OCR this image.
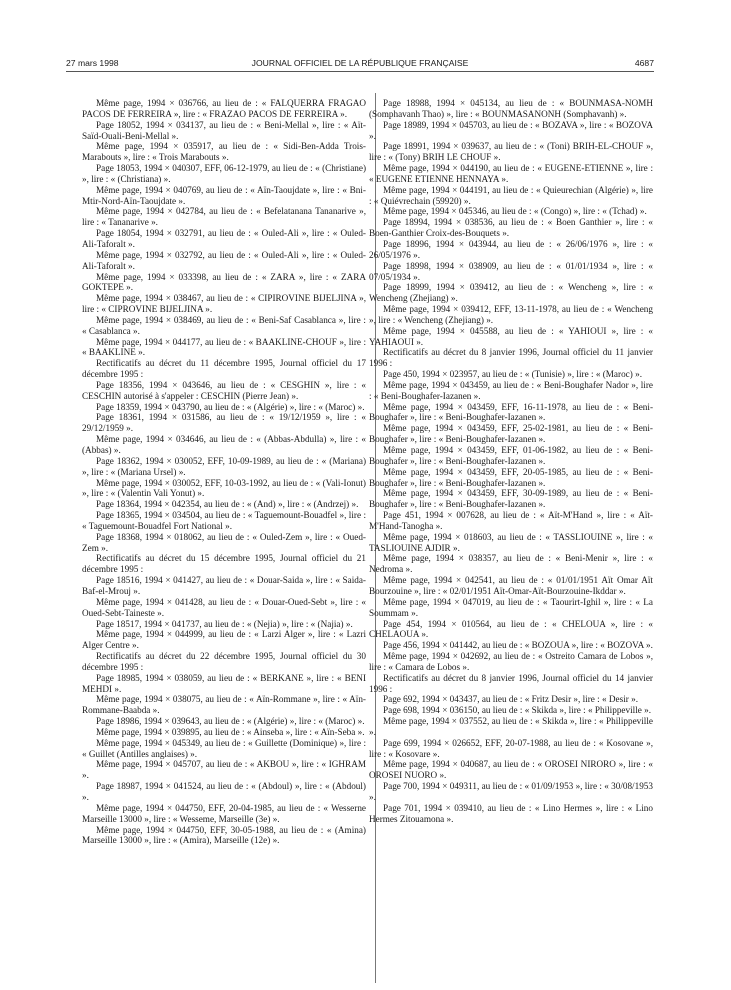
27 mars 1998	JOURNAL OFFICIEL DE LA RÉPUBLIQUE FRANÇAISE	4687

Même page, 1994 × 036766, au lieu de : « FALQUERRA FRAGAO PACOS DE FERREIRA », lire : « FRAZAO PACOS DE FERREIRA ».

Page 18052, 1994 × 034137, au lieu de : « Beni-Mellal », lire : « Aït-Saïd-Ouali-Beni-Mellal ».

Même page, 1994 × 035917, au lieu de : « Sidi-Ben-Adda Trois-Marabouts », lire : « Trois Marabouts ».

Page 18053, 1994 × 040307, EFF, 06-12-1979, au lieu de : « (Christiane) », lire : « (Christiana) ».

Même page, 1994 × 040769, au lieu de : « Aïn-Taoujdate », lire : « Bni-Mtir-Nord-Aïn-Taoujdate ».

Même page, 1994 × 042784, au lieu de : « Befelatanana Tananarive », lire : « Tananarive ».

Page 18054, 1994 × 032791, au lieu de : « Ouled-Ali », lire : « Ouled-Ali-Taforalt ».

Même page, 1994 × 032792, au lieu de : « Ouled-Ali », lire : « Ouled-Ali-Taforalt ».

Même page, 1994 × 033398, au lieu de : « ZARA », lire : « ZARA GOKTEPE ».

Même page, 1994 × 038467, au lieu de : « CIPIROVINE BIJELJINA », lire : « CIPROVINE BIJELJINA ».

Même page, 1994 × 038469, au lieu de : « Beni-Saf Casablanca », lire : « Casablanca ».

Même page, 1994 × 044177, au lieu de : « BAAKLINE-CHOUF », lire : « BAAKLINE ».

Rectificatifs au décret du 11 décembre 1995, Journal officiel du 17 décembre 1995 :

Page 18356, 1994 × 043646, au lieu de : « CESGHIN », lire : « CESCHIN autorisé à s'appeler : CESCHIN (Pierre Jean) ».

Page 18359, 1994 × 043790, au lieu de : « (Algérie) », lire : « (Maroc) ».

Page 18361, 1994 × 031586, au lieu de : « 19/12/1959 », lire : « 29/12/1959 ».

Même page, 1994 × 034646, au lieu de : « (Abbas-Abdulla) », lire : « (Abbas) ».

Page 18362, 1994 × 030052, EFF, 10-09-1989, au lieu de : « (Mariana) », lire : « (Mariana Ursel) ».

Même page, 1994 × 030052, EFF, 10-03-1992, au lieu de : « (Vali-Ionut) », lire : « (Valentin Vali Yonut) ».

Page 18364, 1994 × 042354, au lieu de : « (And) », lire : « (Andrzej) ».

Page 18365, 1994 × 034504, au lieu de : « Taguemount-Bouadfel », lire : « Taguemount-Bouadfel Fort National ».

Page 18368, 1994 × 018062, au lieu de : « Ouled-Zem », lire : « Oued-Zem ».

Rectificatifs au décret du 15 décembre 1995, Journal officiel du 21 décembre 1995 :

Page 18516, 1994 × 041427, au lieu de : « Douar-Saida », lire : « Saida-Baf-el-Mrouj ».

Même page, 1994 × 041428, au lieu de : « Douar-Oued-Sebt », lire : « Oued-Sebt-Taineste ».

Page 18517, 1994 × 041737, au lieu de : « (Nejia) », lire : « (Najia) ».

Même page, 1994 × 044999, au lieu de : « Larzi Alger », lire : « Lazri Alger Centre ».

Rectificatifs au décret du 22 décembre 1995, Journal officiel du 30 décembre 1995 :

Page 18985, 1994 × 038059, au lieu de : « BERKANE », lire : « BENI MEHDI ».

Même page, 1994 × 038075, au lieu de : « Aïn-Rommane », lire : « Aïn-Rommane-Baabda ».

Page 18986, 1994 × 039643, au lieu de : « (Algérie) », lire : « (Maroc) ».

Même page, 1994 × 039895, au lieu de : « Ainseba », lire : « Aïn-Seba ».

Même page, 1994 × 045349, au lieu de : « Guillette (Dominique) », lire : « Guillet (Antilles anglaises) ».

Même page, 1994 × 045707, au lieu de : « AKBOU », lire : « IGHRAM ».

Page 18987, 1994 × 041524, au lieu de : « (Abdoul) », lire : « (Abdoul) ».

Même page, 1994 × 044750, EFF, 20-04-1985, au lieu de : « Wesserne Marseille 13000 », lire : « Wesseme, Marseille (3e) ».

Même page, 1994 × 044750, EFF, 30-05-1988, au lieu de : « (Amina) Marseille 13000 », lire : « (Amira), Marseille (12e) ».

Page 18988, 1994 × 045134, au lieu de : « BOUNMASA-NOMH (Somphavanh Thao) », lire : « BOUNMASANONH (Somphavanh) ».

Page 18989, 1994 × 045703, au lieu de : « BOZAVA », lire : « BOZOVA ».

Page 18991, 1994 × 039637, au lieu de : « (Toni) BRIH-EL-CHOUF », lire : « (Tony) BRIH LE CHOUF ».

Même page, 1994 × 044190, au lieu de : « EUGENE-ETIENNE », lire : « EUGENE ETIENNE HENNAYA ».

Même page, 1994 × 044191, au lieu de : « Quieurechian (Algérie) », lire : « Quiévrechain (59920) ».

Même page, 1994 × 045346, au lieu de : « (Congo) », lire : « (Tchad) ».

Page 18994, 1994 × 038536, au lieu de : « Boen Ganthier », lire : « Boen-Ganthier Croix-des-Bouquets ».

Page 18996, 1994 × 043944, au lieu de : « 26/06/1976 », lire : « 26/05/1976 ».

Page 18998, 1994 × 038909, au lieu de : « 01/01/1934 », lire : « 07/05/1934 ».

Page 18999, 1994 × 039412, au lieu de : « Wencheng », lire : « Wencheng (Zhejiang) ».

Même page, 1994 × 039412, EFF, 13-11-1978, au lieu de : « Wencheng », lire : « Wencheng (Zhejiang) ».

Même page, 1994 × 045588, au lieu de : « YAHIOUI », lire : « YAHIAOUI ».

Rectificatifs au décret du 8 janvier 1996, Journal officiel du 11 janvier 1996 :

Page 450, 1994 × 023957, au lieu de : « (Tunisie) », lire : « (Maroc) ».

Même page, 1994 × 043459, au lieu de : « Beni-Boughafer Nador », lire : « Beni-Boughafer-Iazanen ».

Même page, 1994 × 043459, EFF, 16-11-1978, au lieu de : « Beni-Boughafer », lire : « Beni-Boughafer-Iazanen ».

Même page, 1994 × 043459, EFF, 25-02-1981, au lieu de : « Beni-Boughafer », lire : « Beni-Boughafer-Iazanen ».

Même page, 1994 × 043459, EFF, 01-06-1982, au lieu de : « Beni-Boughafer », lire : « Beni-Boughafer-Iazanen ».

Même page, 1994 × 043459, EFF, 20-05-1985, au lieu de : « Beni-Boughafer », lire : « Beni-Boughafer-Iazanen ».

Même page, 1994 × 043459, EFF, 30-09-1989, au lieu de : « Beni-Boughafer », lire : « Beni-Boughafer-Iazanen ».

Page 451, 1994 × 007628, au lieu de : « Aït-M'Hand », lire : « Aït-M'Hand-Tanogha ».

Même page, 1994 × 018603, au lieu de : « TASSLIOUINE », lire : « TASLIOUINE AJDIR ».

Même page, 1994 × 038357, au lieu de : « Beni-Menir », lire : « Nedroma ».

Même page, 1994 × 042541, au lieu de : « 01/01/1951 Aït Omar Aït Bourzouine », lire : « 02/01/1951 Aït-Omar-Aït-Bourzouine-Ikddar ».

Même page, 1994 × 047019, au lieu de : « Taourirt-Ighil », lire : « La Soummam ».

Page 454, 1994 × 010564, au lieu de : « CHELOUA », lire : « CHELAOUA ».

Page 456, 1994 × 041442, au lieu de : « BOZOUA », lire : « BOZOVA ».

Même page, 1994 × 042692, au lieu de : « Ostreito Camara de Lobos », lire : « Camara de Lobos ».

Rectificatifs au décret du 8 janvier 1996, Journal officiel du 14 janvier 1996 :

Page 692, 1994 × 043437, au lieu de : « Fritz Desir », lire : « Desir ».

Page 698, 1994 × 036150, au lieu de : « Skikda », lire : « Philippeville ».

Même page, 1994 × 037552, au lieu de : « Skikda », lire : « Philippeville ».

Page 699, 1994 × 026652, EFF, 20-07-1988, au lieu de : « Kosovane », lire : « Kosovare ».

Même page, 1994 × 040687, au lieu de : « OROSEI NIRORO », lire : « OROSEI NUORO ».

Page 700, 1994 × 049311, au lieu de : « 01/09/1953 », lire : « 30/08/1953 ».

Page 701, 1994 × 039410, au lieu de : « Lino Hermes », lire : « Lino Hermes Zitouamona ».
